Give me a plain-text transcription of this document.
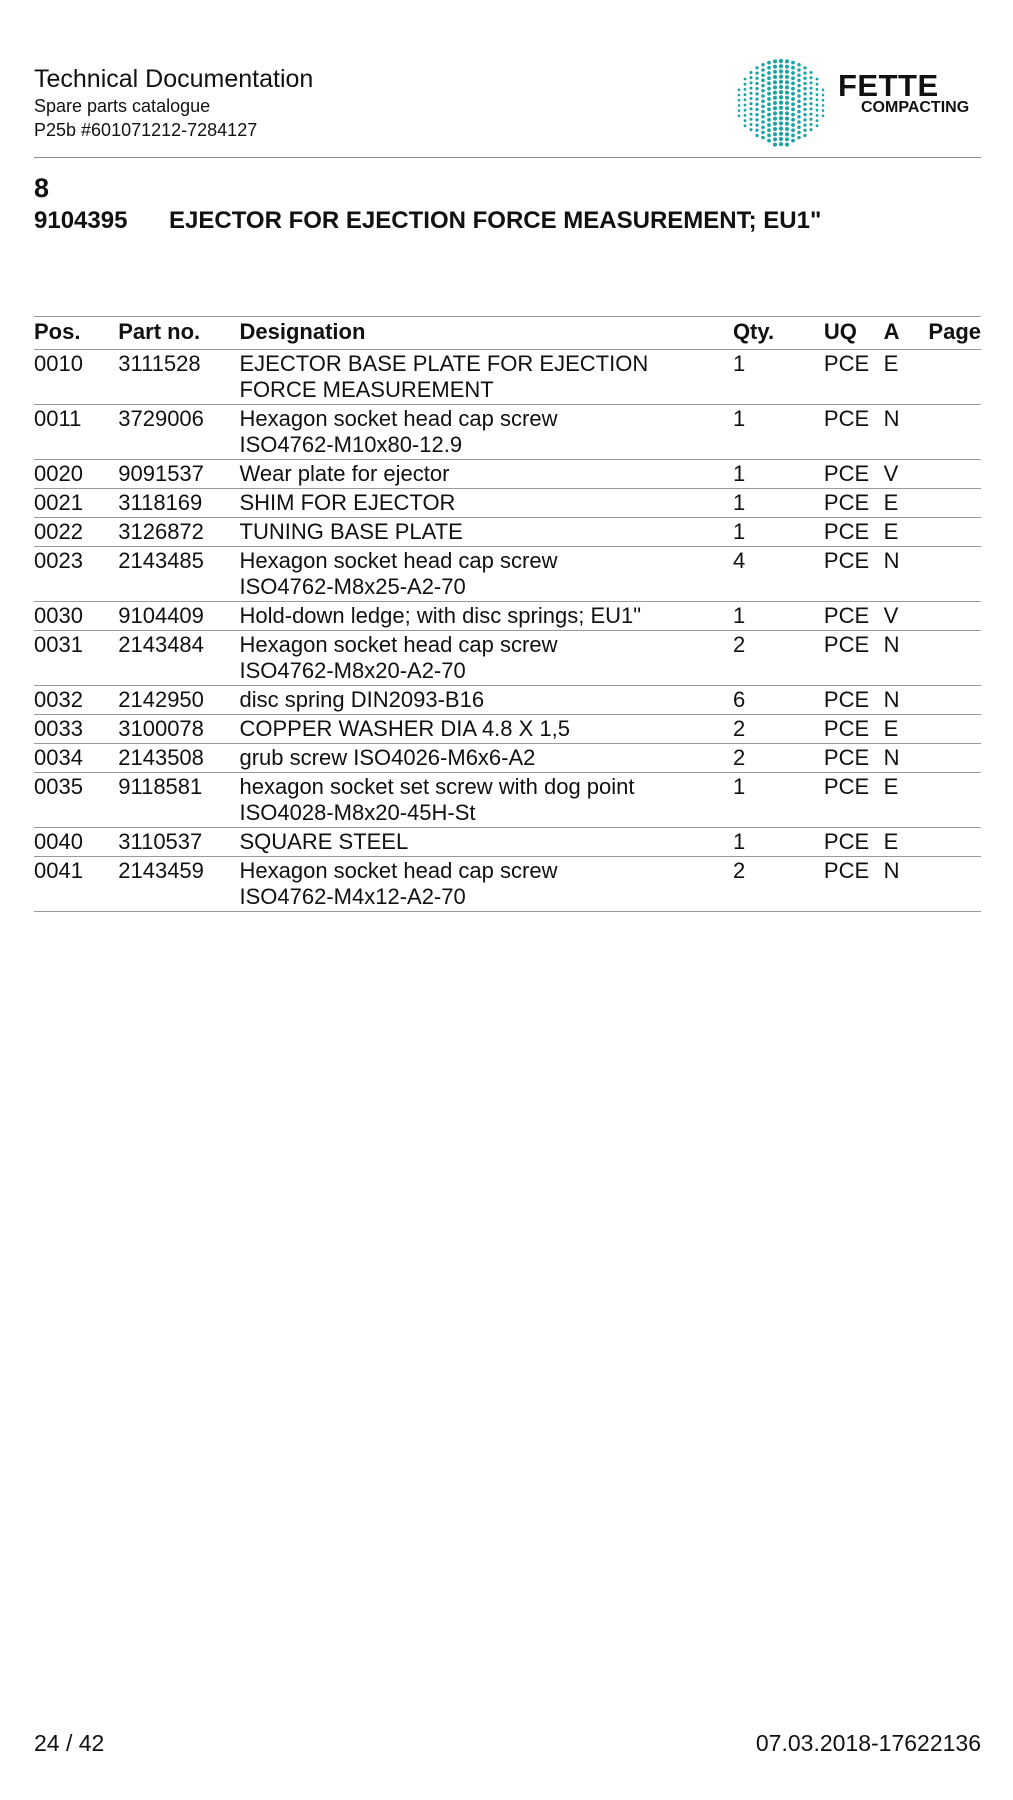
Technical Documentation
Spare parts catalogue
P25b #601071212-7284127
FETTE
COMPACTING
8
9104395 EJECTOR FOR EJECTION FORCE MEASUREMENT; EU1"
Pos.	Part no.	Designation	Qty.	UQ	A	Page
0010	3111528	EJECTOR BASE PLATE FOR EJECTION
FORCE MEASUREMENT	1	PCE	E	
0011	3729006	Hexagon socket head cap screw
ISO4762-M10x80-12.9	1	PCE	N	
0020	9091537	Wear plate for ejector	1	PCE	V	
0021	3118169	SHIM FOR EJECTOR	1	PCE	E	
0022	3126872	TUNING BASE PLATE	1	PCE	E	
0023	2143485	Hexagon socket head cap screw
ISO4762-M8x25-A2-70	4	PCE	N	
0030	9104409	Hold-down ledge; with disc springs; EU1"	1	PCE	V	
0031	2143484	Hexagon socket head cap screw
ISO4762-M8x20-A2-70	2	PCE	N	
0032	2142950	disc spring DIN2093-B16	6	PCE	N	
0033	3100078	COPPER WASHER DIA 4.8 X 1,5	2	PCE	E	
0034	2143508	grub screw ISO4026-M6x6-A2	2	PCE	N	
0035	9118581	hexagon socket set screw with dog point
ISO4028-M8x20-45H-St	1	PCE	E	
0040	3110537	SQUARE STEEL	1	PCE	E	
0041	2143459	Hexagon socket head cap screw
ISO4762-M4x12-A2-70	2	PCE	N	
24 / 42	07.03.2018-17622136
